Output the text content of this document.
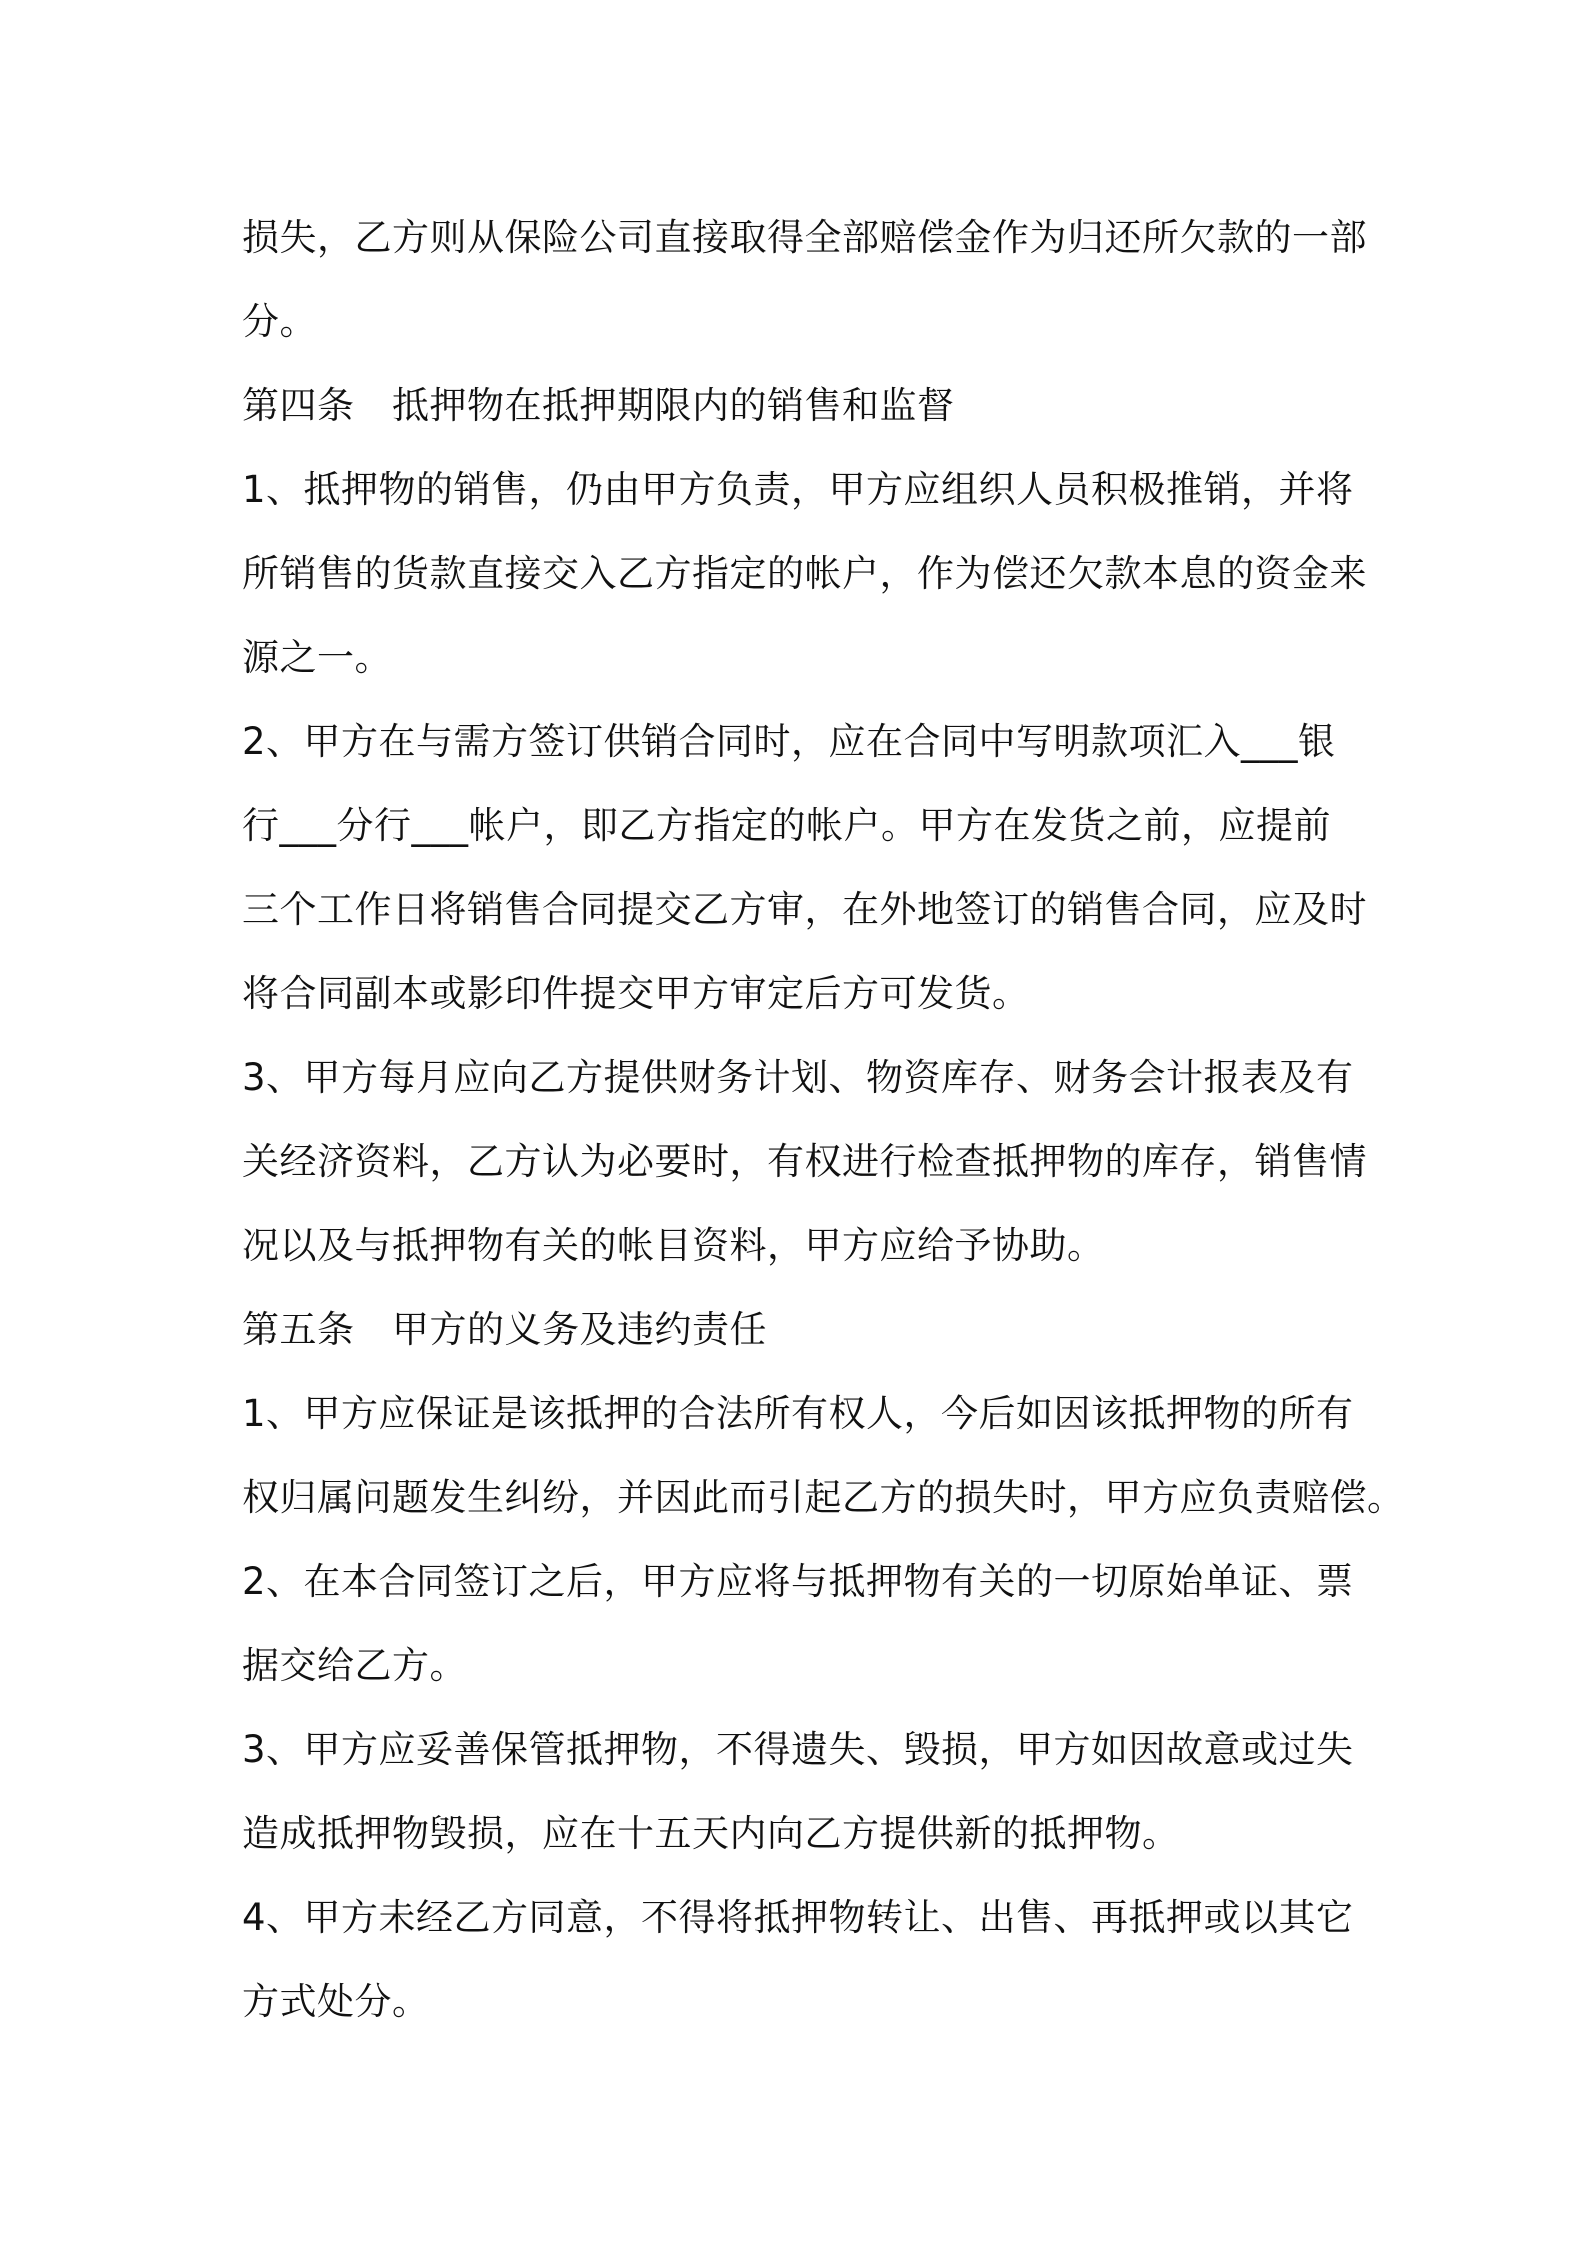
损失，乙方则从保险公司直接取得全部赔偿金作为归还所欠款的一部
分。
第四条　抵押物在抵押期限内的销售和监督
1、抵押物的销售，仍由甲方负责，甲方应组织人员积极推销，并将
所销售的货款直接交入乙方指定的帐户，作为偿还欠款本息的资金来
源之一。
2、甲方在与需方签订供销合同时，应在合同中写明款项汇入___银
行___分行___帐户，即乙方指定的帐户。甲方在发货之前，应提前
三个工作日将销售合同提交乙方审，在外地签订的销售合同，应及时
将合同副本或影印件提交甲方审定后方可发货。
3、甲方每月应向乙方提供财务计划、物资库存、财务会计报表及有
关经济资料，乙方认为必要时，有权进行检查抵押物的库存，销售情
况以及与抵押物有关的帐目资料，甲方应给予协助。
第五条　甲方的义务及违约责任
1、甲方应保证是该抵押的合法所有权人，今后如因该抵押物的所有
权归属问题发生纠纷，并因此而引起乙方的损失时，甲方应负责赔偿。
2、在本合同签订之后，甲方应将与抵押物有关的一切原始单证、票
据交给乙方。
3、甲方应妥善保管抵押物，不得遗失、毁损，甲方如因故意或过失
造成抵押物毁损，应在十五天内向乙方提供新的抵押物。
4、甲方未经乙方同意，不得将抵押物转让、出售、再抵押或以其它
方式处分。
